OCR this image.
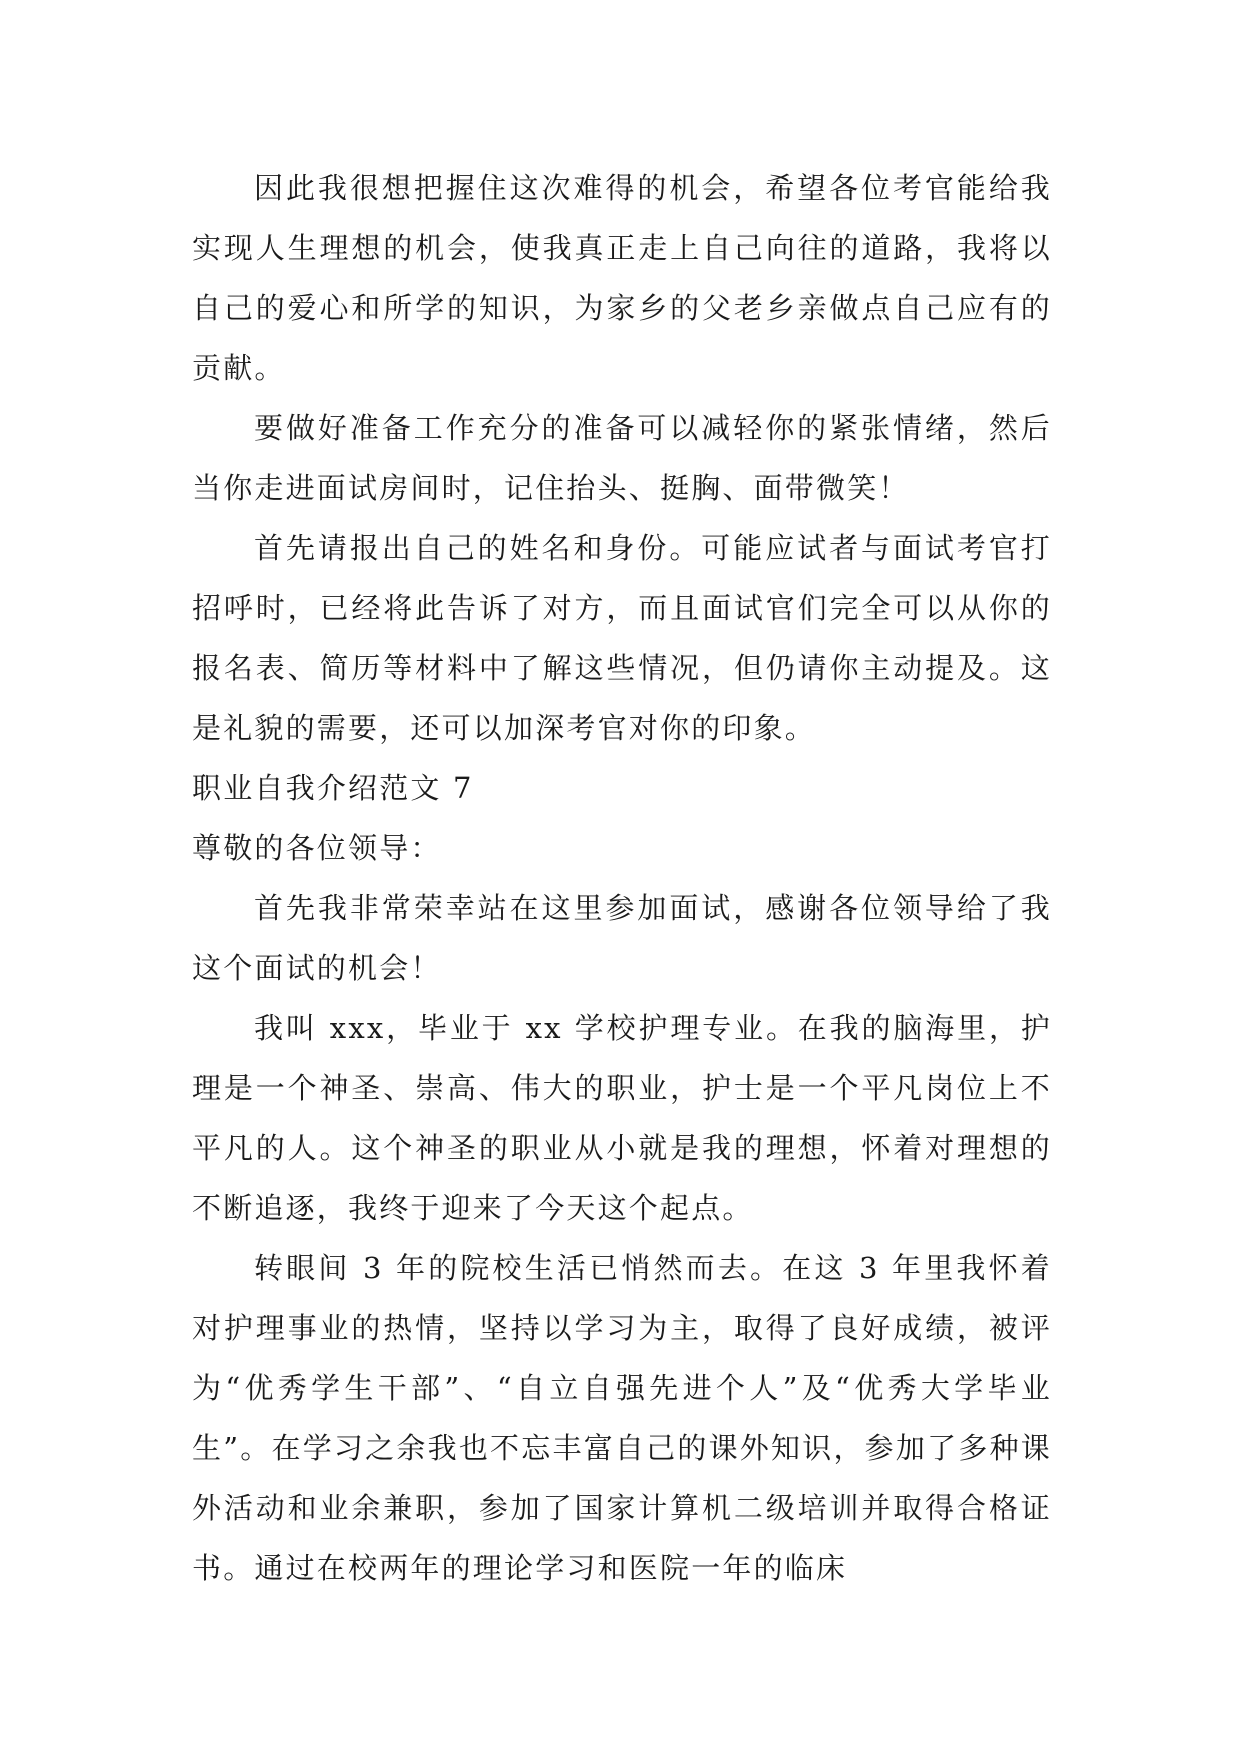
因此我很想把握住这次难得的机会，希望各位考官能给我实现人生理想的机会，使我真正走上自己向往的道路，我将以自己的爱心和所学的知识，为家乡的父老乡亲做点自己应有的贡献。

要做好准备工作充分的准备可以减轻你的紧张情绪，然后当你走进面试房间时，记住抬头、挺胸、面带微笑！

首先请报出自己的姓名和身份。可能应试者与面试考官打招呼时，已经将此告诉了对方，而且面试官们完全可以从你的报名表、简历等材料中了解这些情况，但仍请你主动提及。这是礼貌的需要，还可以加深考官对你的印象。

职业自我介绍范文 7

尊敬的各位领导：

首先我非常荣幸站在这里参加面试，感谢各位领导给了我这个面试的机会！

我叫 xxx，毕业于 xx 学校护理专业。在我的脑海里，护理是一个神圣、崇高、伟大的职业，护士是一个平凡岗位上不平凡的人。这个神圣的职业从小就是我的理想，怀着对理想的不断追逐，我终于迎来了今天这个起点。

转眼间 3 年的院校生活已悄然而去。在这 3 年里我怀着对护理事业的热情，坚持以学习为主，取得了良好成绩，被评为“优秀学生干部”、“自立自强先进个人”及“优秀大学毕业生”。在学习之余我也不忘丰富自己的课外知识，参加了多种课外活动和业余兼职，参加了国家计算机二级培训并取得合格证书。通过在校两年的理论学习和医院一年的临床
